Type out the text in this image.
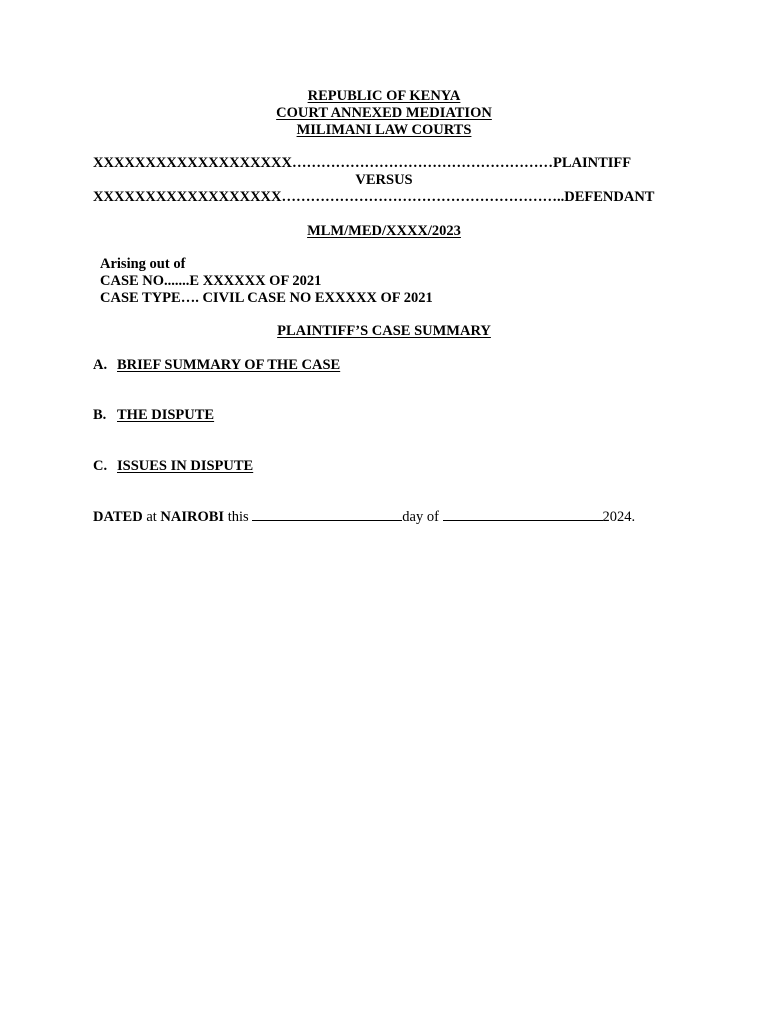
REPUBLIC OF KENYA
COURT ANNEXED MEDIATION
MILIMANI LAW COURTS
XXXXXXXXXXXXXXXXXXX………………………………………………PLAINTIFF
VERSUS
XXXXXXXXXXXXXXXXXX…………………………………………………..DEFENDANT
MLM/MED/XXXX/2023
Arising out of
CASE NO.......E XXXXXX OF 2021
CASE TYPE…. CIVIL CASE NO EXXXXX OF 2021
PLAINTIFF’S CASE SUMMARY
A. BRIEF SUMMARY OF THE CASE
B. THE DISPUTE
C. ISSUES IN DISPUTE
DATED at NAIROBI this	day of	2024.
